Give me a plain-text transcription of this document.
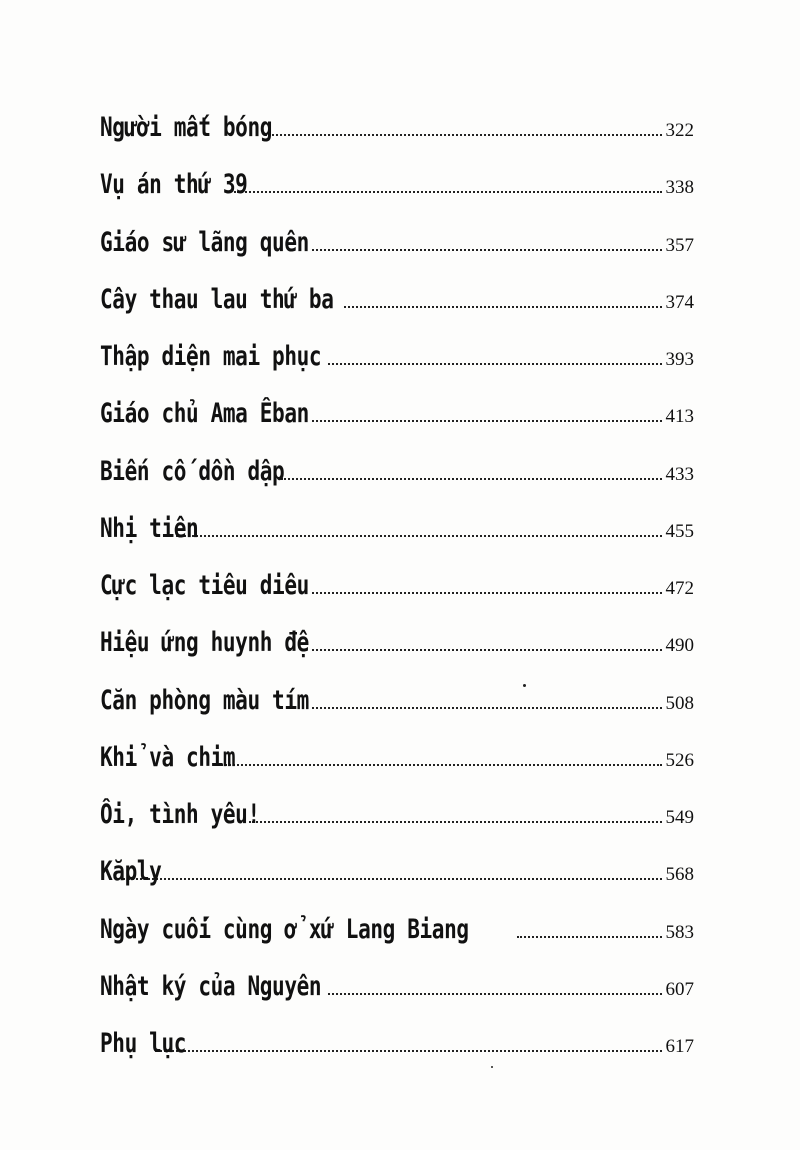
Người mất bóng	322
Vụ án thứ 39	338
Giáo sư lãng quên	357
Cây thau lau thứ ba	374
Thập diện mai phục	393
Giáo chủ Ama Êban	413
Biến cố dồn dập	433
Nhị tiên	455
Cực lạc tiêu diêu	472
Hiệu ứng huynh đệ	490
Căn phòng màu tím	508
Khỉ và chim	526
Ôi, tình yêu!	549
Kăply	568
Ngày cuối cùng ở xứ Lang Biang	583
Nhật ký của Nguyên	607
Phụ lục	617
